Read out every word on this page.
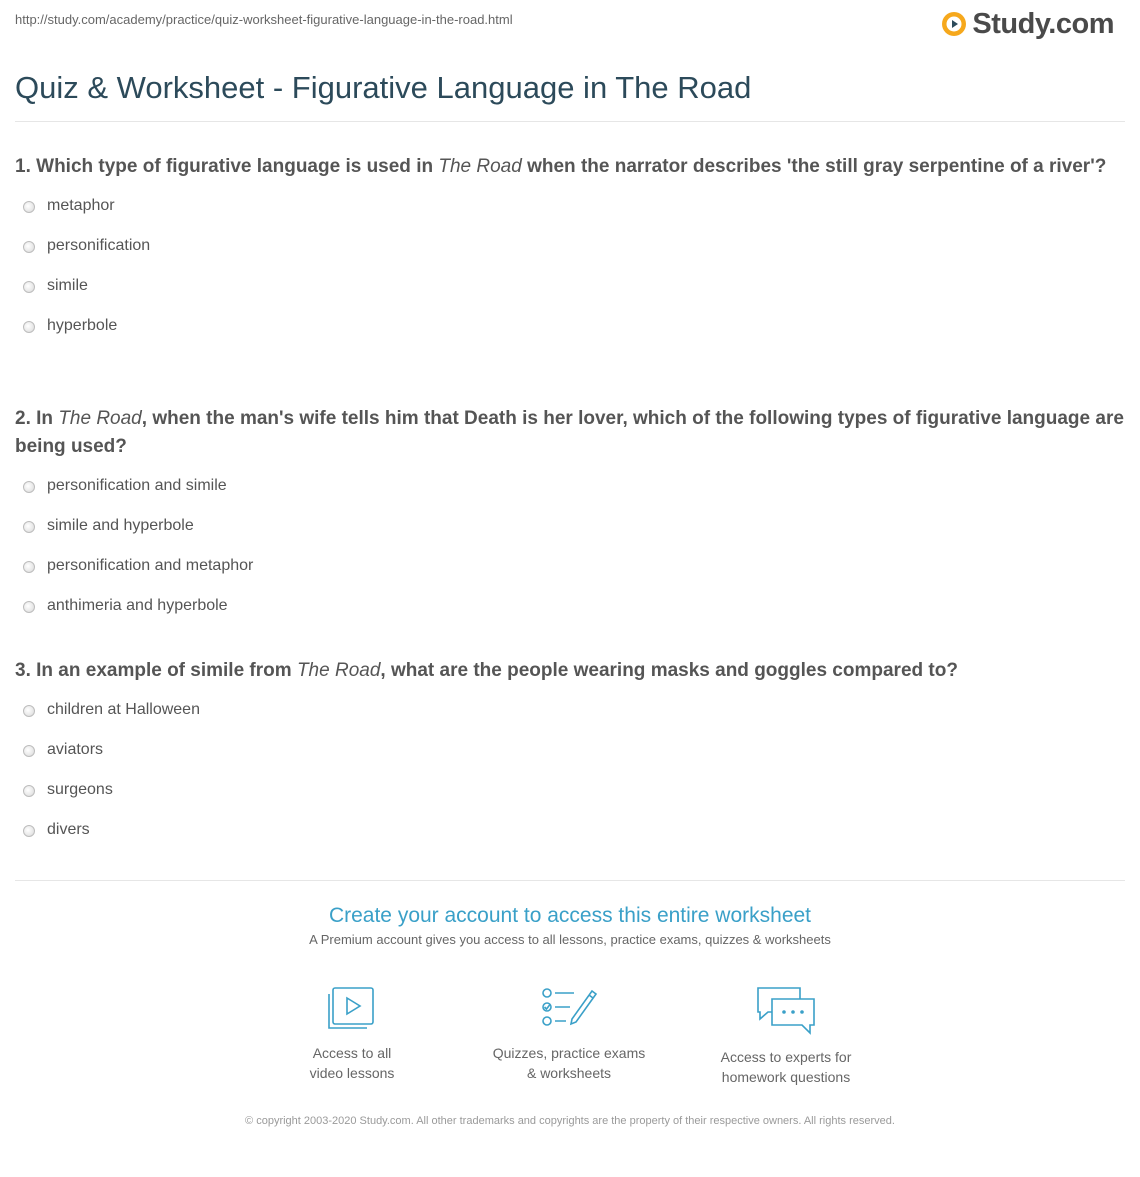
http://study.com/academy/practice/quiz-worksheet-figurative-language-in-the-road.html	Study.com
Quiz & Worksheet - Figurative Language in The Road

1. Which type of figurative language is used in The Road when the narrator describes 'the still gray serpentine of a river'?

metaphor
personification
simile
hyperbole

2. In The Road, when the man's wife tells him that Death is her lover, which of the following types of figurative language are being used?

personification and simile
simile and hyperbole
personification and metaphor
anthimeria and hyperbole

3. In an example of simile from The Road, what are the people wearing masks and goggles compared to?

children at Halloween
aviators
surgeons
divers
Create your account to access this entire worksheet

A Premium account gives you access to all lessons, practice exams, quizzes & worksheets

Access to all
video lessons
Quizzes, practice exams
& worksheets
Access to experts for
homework questions
© copyright 2003-2020 Study.com. All other trademarks and copyrights are the property of their respective owners. All rights reserved.
